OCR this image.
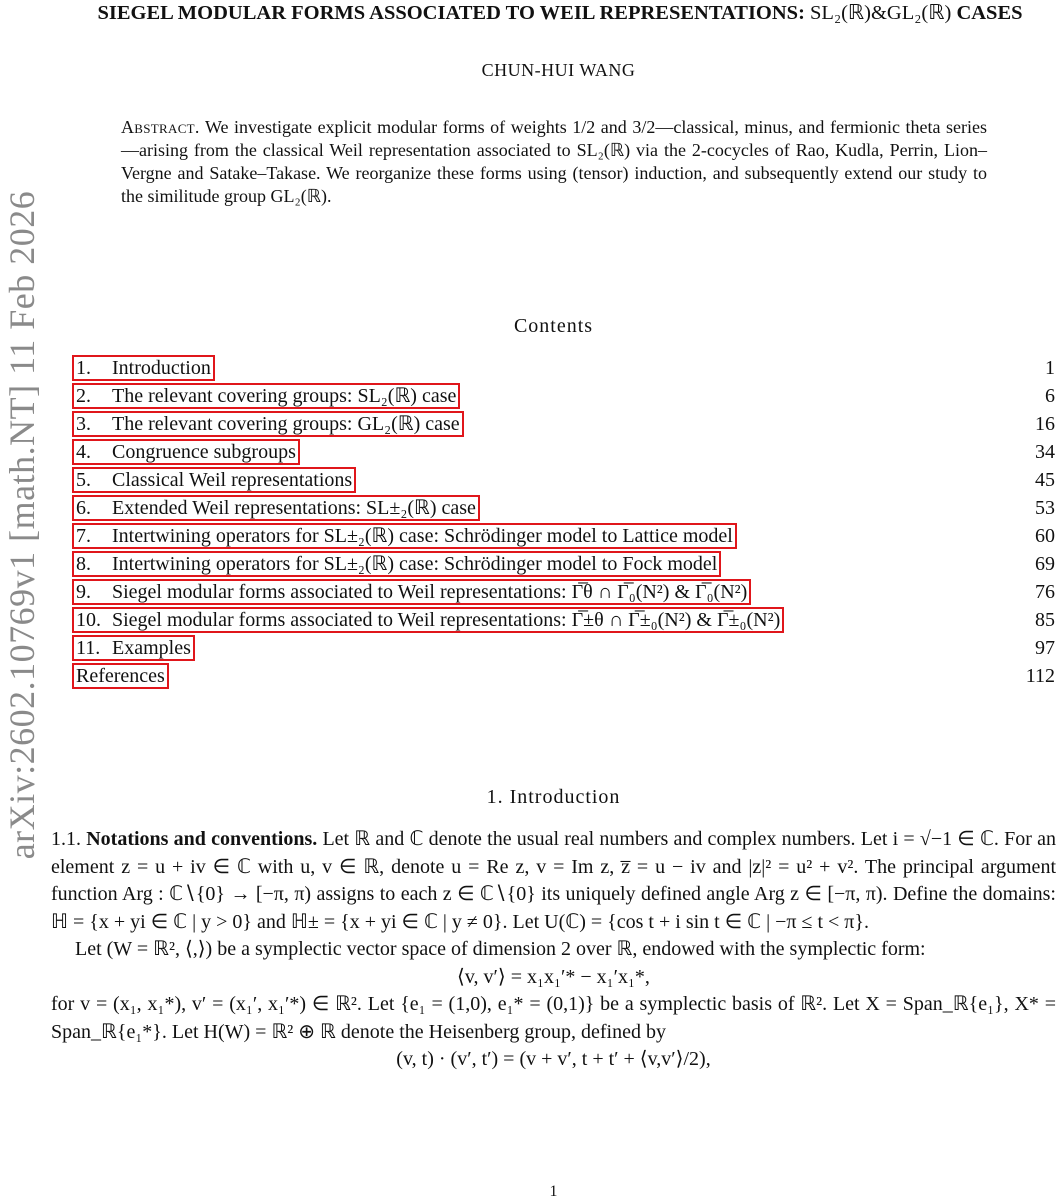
arXiv:2602.10769v1 [math.NT] 11 Feb 2026
SIEGEL MODULAR FORMS ASSOCIATED TO WEIL REPRESENTATIONS: SL₂(ℝ)&GL₂(ℝ) CASES
CHUN-HUI WANG
Abstract. We investigate explicit modular forms of weights 1/2 and 3/2—classical, minus, and fermionic theta series—arising from the classical Weil representation associated to SL₂(ℝ) via the 2-cocycles of Rao, Kudla, Perrin, Lion–Vergne and Satake–Takase. We reorganize these forms using (tensor) induction, and subsequently extend our study to the similitude group GL₂(ℝ).
Contents
1. Introduction	1
2. The relevant covering groups: SL₂(ℝ) case	6
3. The relevant covering groups: GL₂(ℝ) case	16
4. Congruence subgroups	34
5. Classical Weil representations	45
6. Extended Weil representations: SL±₂(ℝ) case	53
7. Intertwining operators for SL±₂(ℝ) case: Schrödinger model to Lattice model	60
8. Intertwining operators for SL±₂(ℝ) case: Schrödinger model to Fock model	69
9. Siegel modular forms associated to Weil representations: Γ̅θ ∩ Γ̅₀(N²) & Γ̅₀(N²)	76
10. Siegel modular forms associated to Weil representations: Γ̅±θ ∩ Γ̅±₀(N²) & Γ̅±₀(N²)	85
11. Examples	97
References	112
1. Introduction

1.1. Notations and conventions. Let ℝ and ℂ denote the usual real numbers and complex numbers. Let i = √−1 ∈ ℂ. For an element z = u + iv ∈ ℂ with u, v ∈ ℝ, denote u = Re z, v = Im z, z̅ = u − iv and |z|² = u² + v². The principal argument function Arg : ℂ∖{0} → [−π, π) assigns to each z ∈ ℂ∖{0} its uniquely defined angle Arg z ∈ [−π, π). Define the domains: ℍ = {x + yi ∈ ℂ | y > 0} and ℍ± = {x + yi ∈ ℂ | y ≠ 0}. Let U(ℂ) = {cos t + i sin t ∈ ℂ | −π ≤ t < π}.

Let (W = ℝ², ⟨,⟩) be a symplectic vector space of dimension 2 over ℝ, endowed with the symplectic form:

⟨v, v′⟩ = x₁x₁′* − x₁′x₁*,

for v = (x₁, x₁*), v′ = (x₁′, x₁′*) ∈ ℝ². Let {e₁ = (1,0), e₁* = (0,1)} be a symplectic basis of ℝ². Let X = Span_ℝ{e₁}, X* = Span_ℝ{e₁*}. Let H(W) = ℝ² ⊕ ℝ denote the Heisenberg group, defined by

(v, t) · (v′, t′) = (v + v′, t + t′ + ⟨v,v′⟩/2),

1
